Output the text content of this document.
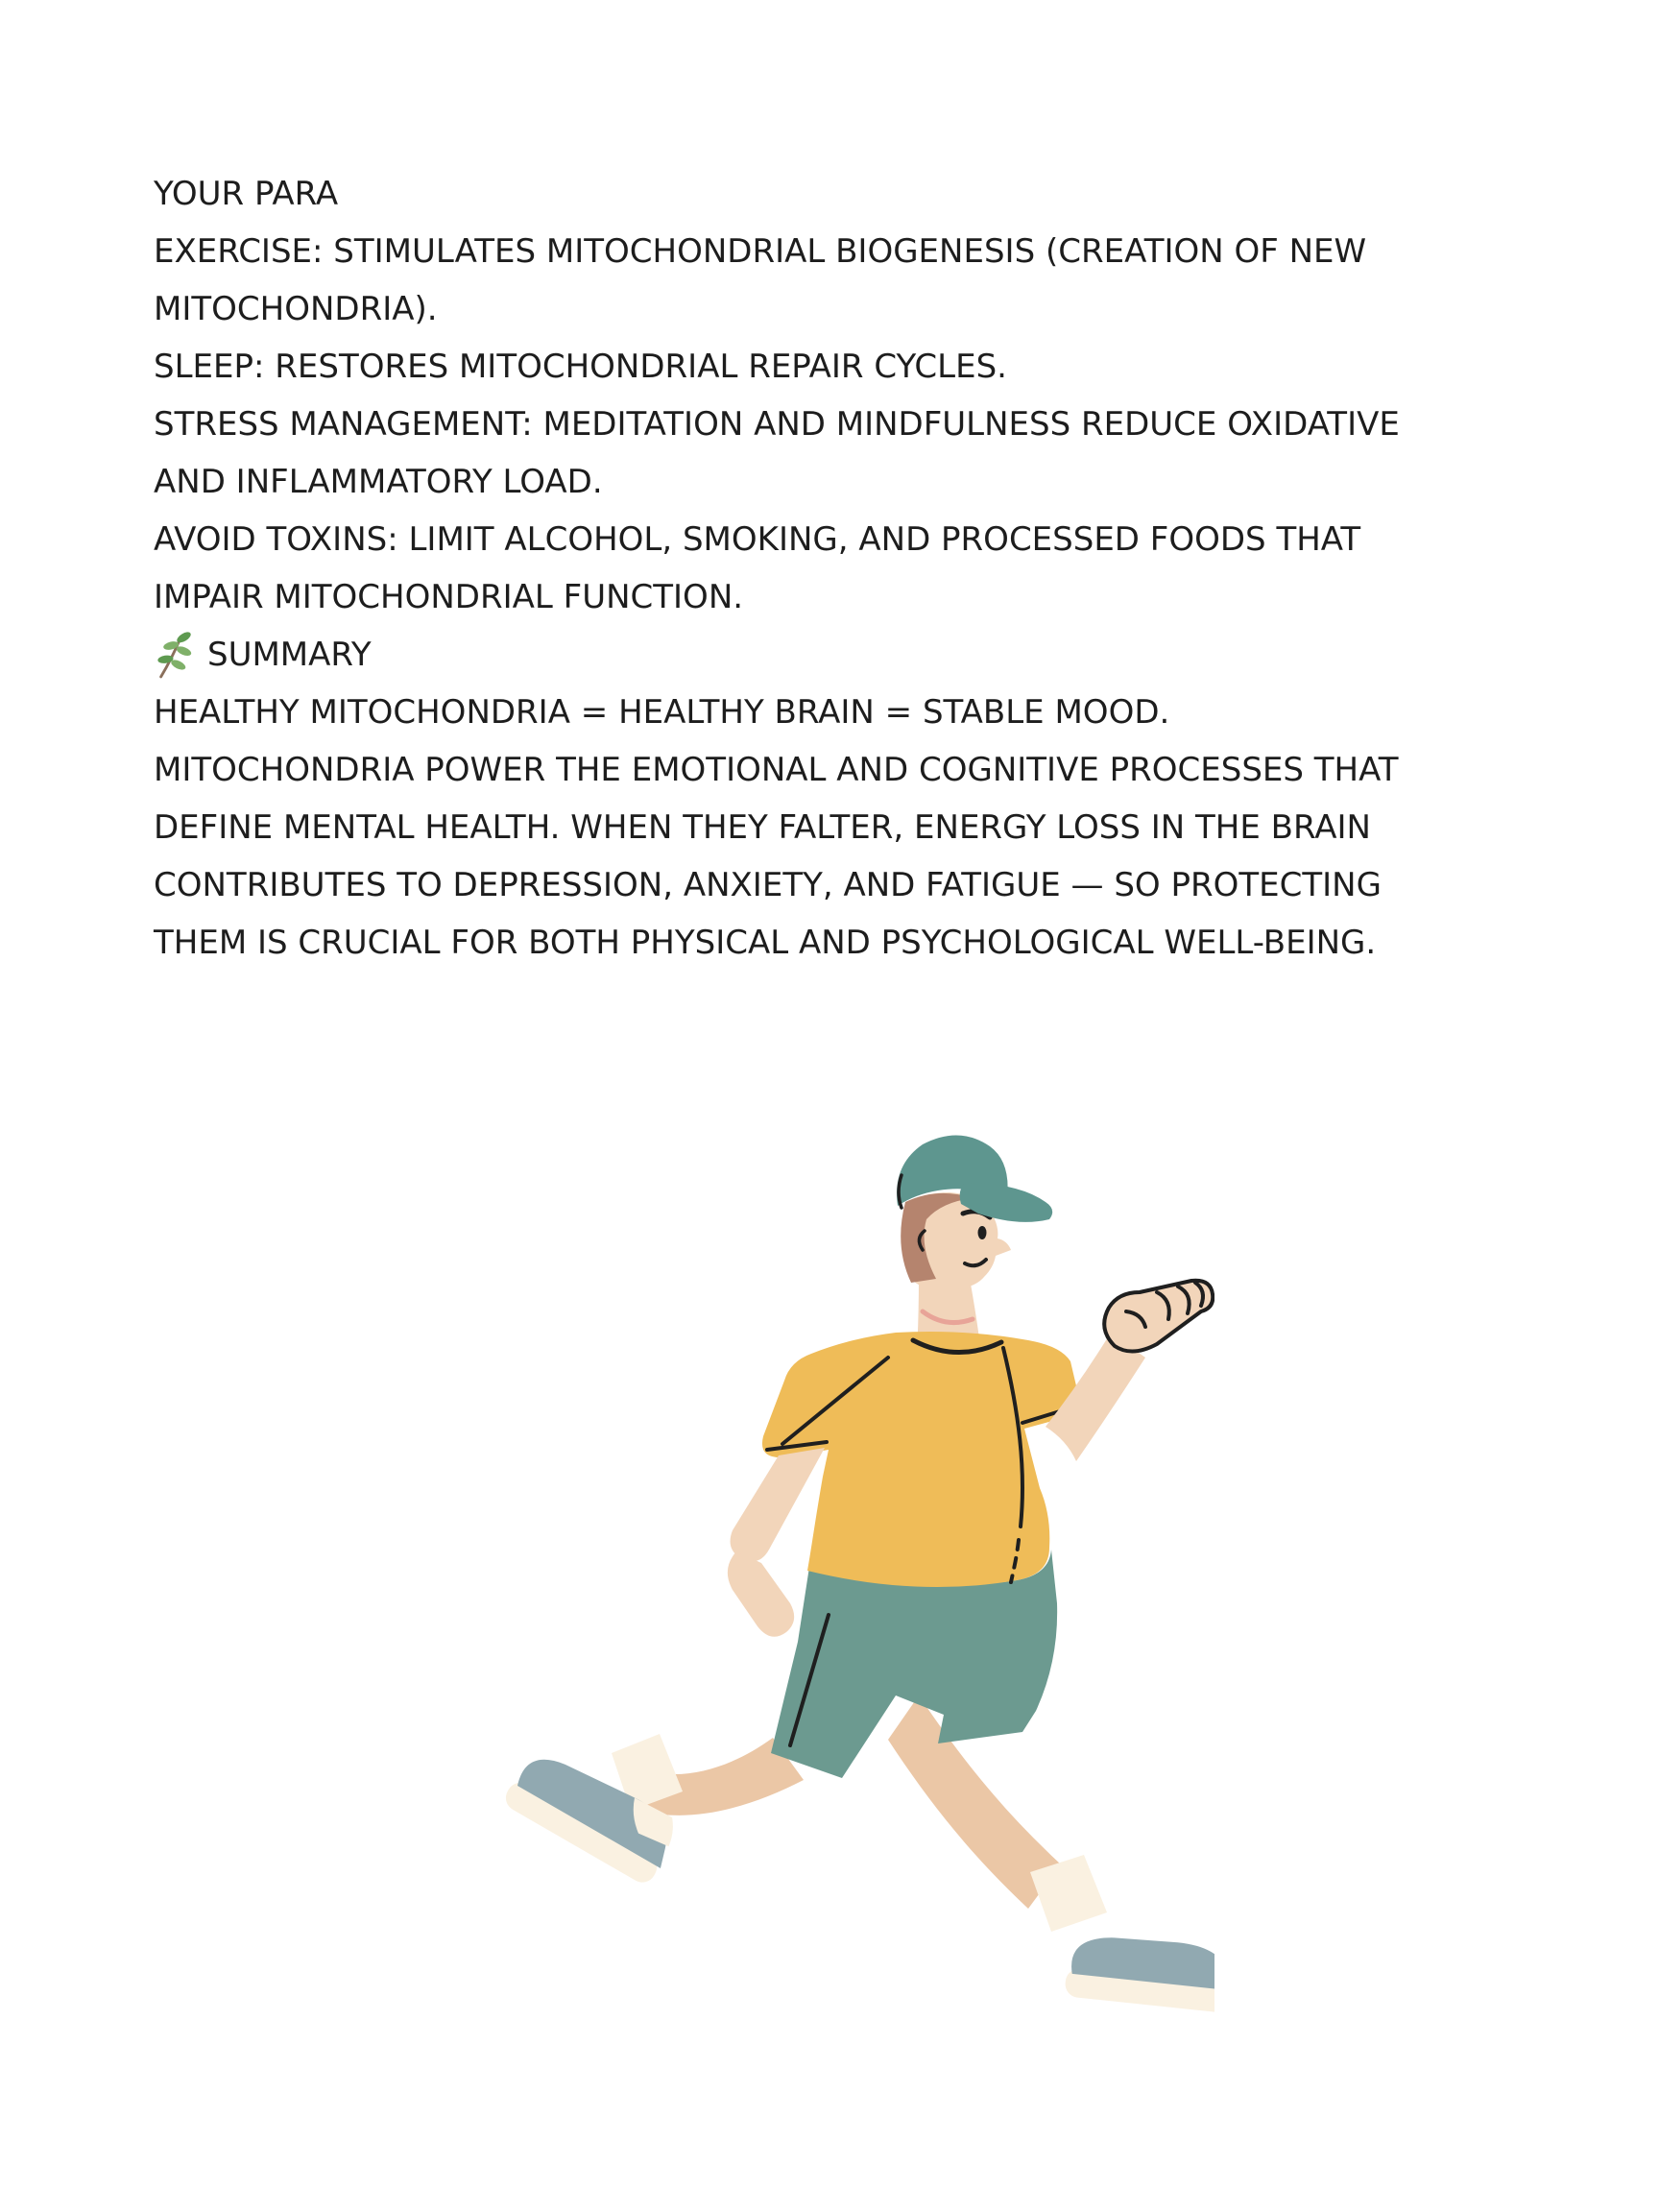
YOUR PARA
EXERCISE: STIMULATES MITOCHONDRIAL BIOGENESIS (CREATION OF NEW
MITOCHONDRIA).
SLEEP: RESTORES MITOCHONDRIAL REPAIR CYCLES.
STRESS MANAGEMENT: MEDITATION AND MINDFULNESS REDUCE OXIDATIVE
AND INFLAMMATORY LOAD.
AVOID TOXINS: LIMIT ALCOHOL, SMOKING, AND PROCESSED FOODS THAT
IMPAIR MITOCHONDRIAL FUNCTION.
SUMMARY
HEALTHY MITOCHONDRIA = HEALTHY BRAIN = STABLE MOOD.
MITOCHONDRIA POWER THE EMOTIONAL AND COGNITIVE PROCESSES THAT
DEFINE MENTAL HEALTH. WHEN THEY FALTER, ENERGY LOSS IN THE BRAIN
CONTRIBUTES TO DEPRESSION, ANXIETY, AND FATIGUE — SO PROTECTING
THEM IS CRUCIAL FOR BOTH PHYSICAL AND PSYCHOLOGICAL WELL-BEING.
